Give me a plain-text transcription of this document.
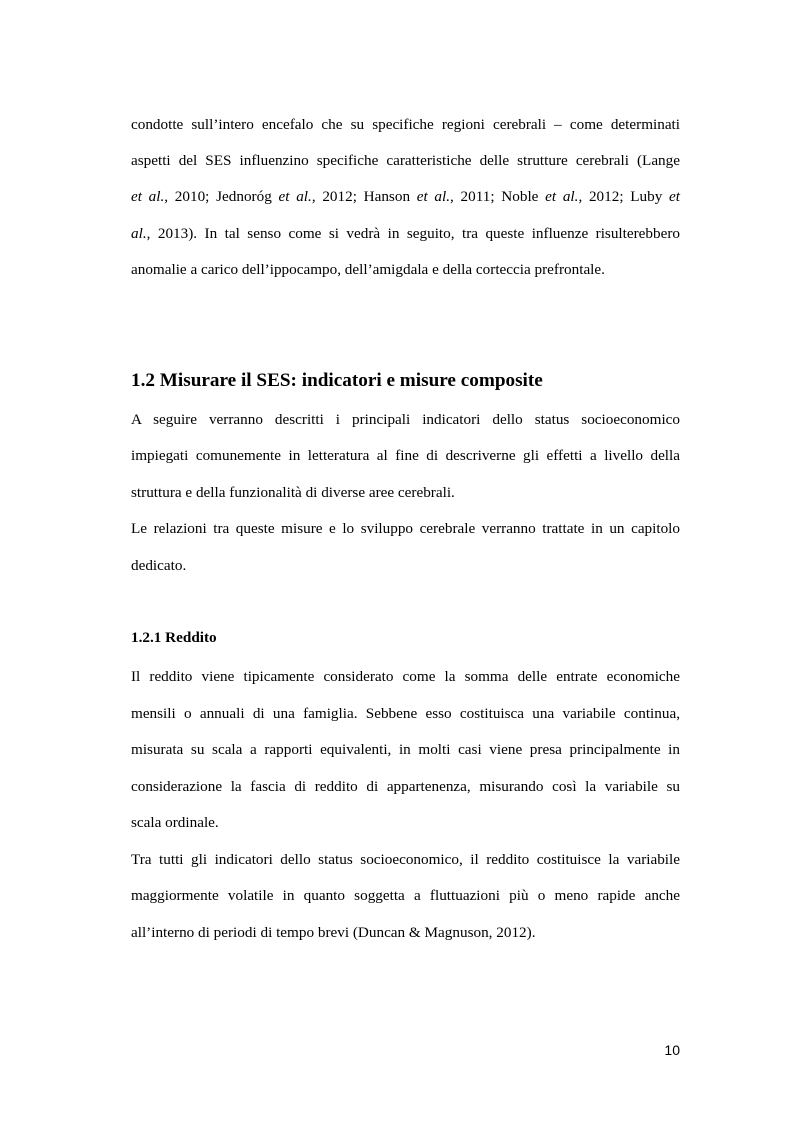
condotte sull’intero encefalo che su specifiche regioni cerebrali – come determinati

aspetti del SES influenzino specifiche caratteristiche delle strutture cerebrali (Lange

et al., 2010; Jednoróg et al., 2012; Hanson et al., 2011; Noble et al., 2012; Luby et

al., 2013). In tal senso come si vedrà in seguito, tra queste influenze risulterebbero

anomalie a carico dell’ippocampo, dell’amigdala e della corteccia prefrontale.

1.2 Misurare il SES: indicatori e misure composite

A seguire verranno descritti i principali indicatori dello status socioeconomico

impiegati comunemente in letteratura al fine di descriverne gli effetti a livello della

struttura e della funzionalità di diverse aree cerebrali.

Le relazioni tra queste misure e lo sviluppo cerebrale verranno trattate in un capitolo

dedicato.

1.2.1 Reddito

Il reddito viene tipicamente considerato come la somma delle entrate economiche

mensili o annuali di una famiglia. Sebbene esso costituisca una variabile continua,

misurata su scala a rapporti equivalenti, in molti casi viene presa principalmente in

considerazione la fascia di reddito di appartenenza, misurando così la variabile su

scala ordinale.

Tra tutti gli indicatori dello status socioeconomico, il reddito costituisce la variabile

maggiormente volatile in quanto soggetta a fluttuazioni più o meno rapide anche

all’interno di periodi di tempo brevi (Duncan & Magnuson, 2012).

10
